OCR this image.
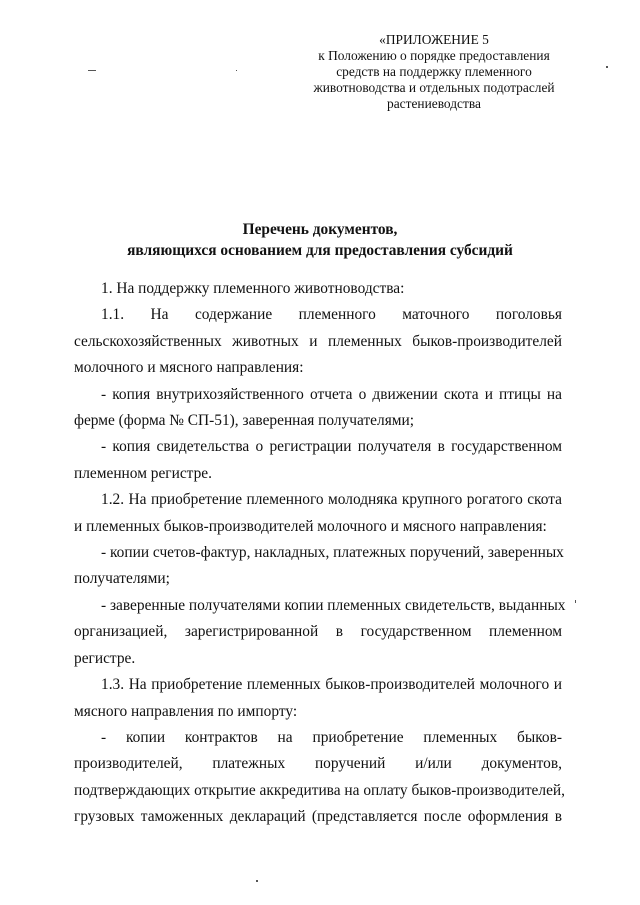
«ПРИЛОЖЕНИЕ 5
к Положению о порядке предоставления
средств на поддержку племенного
животноводства и отдельных подотраслей
растениеводства
Перечень документов,
являющихся основанием для предоставления субсидий

1. На поддержку племенного животноводства:

1.1. На содержание племенного маточного поголовья
сельскохозяйственных животных и племенных быков-производителей
молочного и мясного направления:

- копия внутрихозяйственного отчета о движении скота и птицы на
ферме (форма № СП-51), заверенная получателями;

- копия свидетельства о регистрации получателя в государственном
племенном регистре.

1.2. На приобретение племенного молодняка крупного рогатого скота
и племенных быков-производителей молочного и мясного направления:

- копии счетов-фактур, накладных, платежных поручений, заверенных
получателями;

- заверенные получателями копии племенных свидетельств, выданных
организацией, зарегистрированной в государственном племенном
регистре.

1.3. На приобретение племенных быков-производителей молочного и
мясного направления по импорту:

- копии контрактов на приобретение племенных быков-
производителей, платежных поручений и/или документов,
подтверждающих открытие аккредитива на оплату быков-производителей,
грузовых таможенных деклараций (представляется после оформления в
